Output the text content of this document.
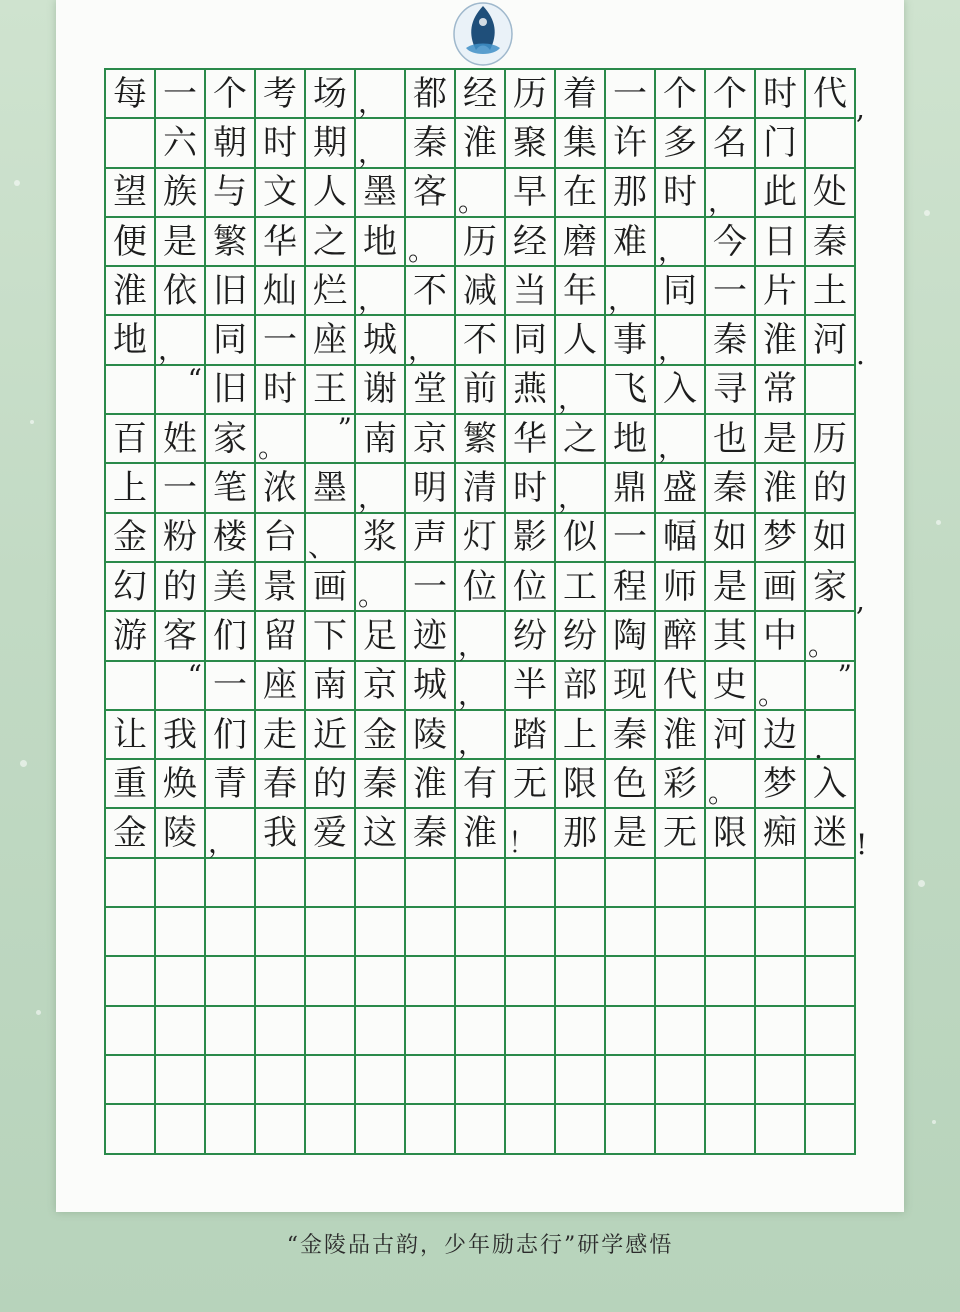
每 一 个 考 场 ， 都 经 历 着 一 个 个 时 代
六 朝 时 期 ， 秦 淮 聚 集 许 多 名 门
望 族 与 文 人 墨 客 。 早 在 那 时 ， 此 处
便 是 繁 华 之 地 。 历 经 磨 难 ， 今 日 秦
淮 依 旧 灿 烂 ， 不 减 当 年 ， 同 一 片 土
地 ， 同 一 座 城 ， 不 同 人 事 ， 秦 淮 河
“ 旧 时 王 谢 堂 前 燕 ， 飞 入 寻 常
百 姓 家 。
” 南 京 繁 华 之 地 ， 也 是 历
上 一 笔 浓 墨 ， 明 清 时 ， 鼎 盛 秦 淮 的
金 粉 楼 台 、 浆 声 灯 影 似 一 幅 如 梦 如
幻 的 美 景 画 。 一 位 位 工 程 师 是 画 家
游 客 们 留 下 足 迹 ， 纷 纷 陶 醉 其 中 。
“ 一 座 南 京 城 ， 半 部 现 代 史 。
”
让 我 们 走 近 金 陵 ， 踏 上 秦 淮 河 边
重 焕 青 春 的 秦 淮 有 无 限 色 彩 。 梦 入
金 陵 ， 我 爱 这 秦 淮 ！ 那 是 无 限 痴 迷
,
.
,
.
!
“金陵品古韵，少年励志行”研学感悟
